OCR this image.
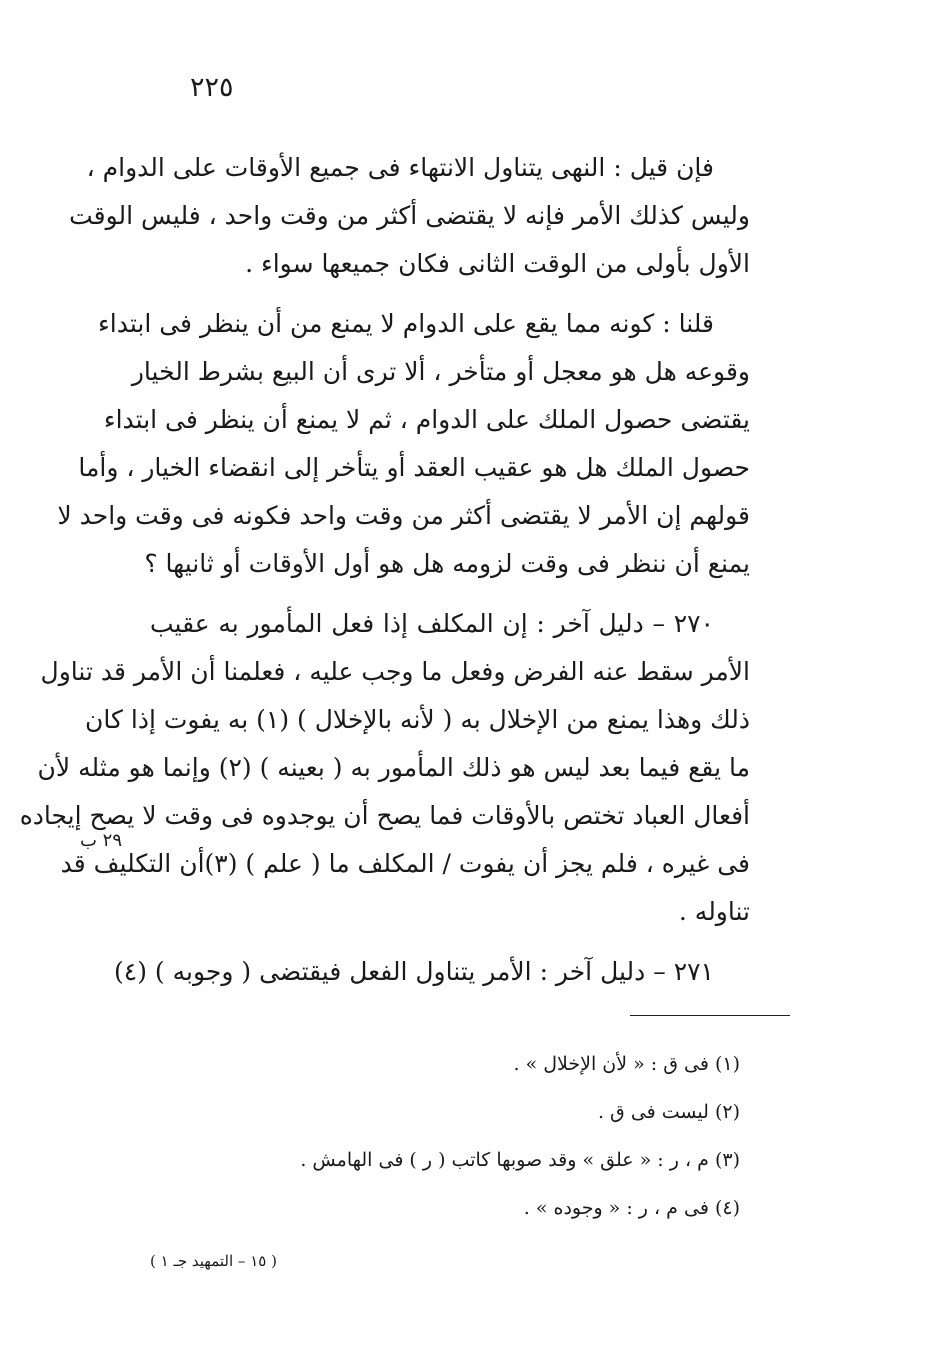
٢٢٥

فإن قيل : النهى يتناول الانتهاء فى جميع الأوقات على الدوام ،
وليس كذلك الأمر فإنه لا يقتضى أكثر من وقت واحد ، فليس الوقت
الأول بأولى من الوقت الثانى فكان جميعها سواء .

قلنا : كونه مما يقع على الدوام لا يمنع من أن ينظر فى ابتداء
وقوعه هل هو معجل أو متأخر ، ألا ترى أن البيع بشرط الخيار
يقتضى حصول الملك على الدوام ، ثم لا يمنع أن ينظر فى ابتداء
حصول الملك هل هو عقيب العقد أو يتأخر إلى انقضاء الخيار ، وأما
قولهم إن الأمر لا يقتضى أكثر من وقت واحد فكونه فى وقت واحد لا
يمنع أن ننظر فى وقت لزومه هل هو أول الأوقات أو ثانيها ؟

٢٧٠ – دليل آخر : إن المكلف إذا فعل المأمور به عقيب
الأمر سقط عنه الفرض وفعل ما وجب عليه ، فعلمنا أن الأمر قد تناول
ذلك وهذا يمنع من الإخلال به ( لأنه بالإخلال ) (١) به يفوت إذا كان
ما يقع فيما بعد ليس هو ذلك المأمور به ( بعينه ) (٢) وإنما هو مثله لأن
أفعال العباد تختص بالأوقات فما يصح أن يوجدوه فى وقت لا يصح إيجاده
فى غيره ، فلم يجز أن يفوت / المكلف ما ( علم ) (٣)أن التكليف قد
تناوله .

٢٧١ – دليل آخر : الأمر يتناول الفعل فيقتضى ( وجوبه ) (٤)

٢٩ ب
(١) فى ق : « لأن الإخلال » .
(٢) ليست فى ق .
(٣) م ، ر : « علق » وقد صوبها كاتب ( ر ) فى الهامش .
(٤) فى م ، ر : « وجوده » .
( ١٥ – التمهيد جـ ١ )
